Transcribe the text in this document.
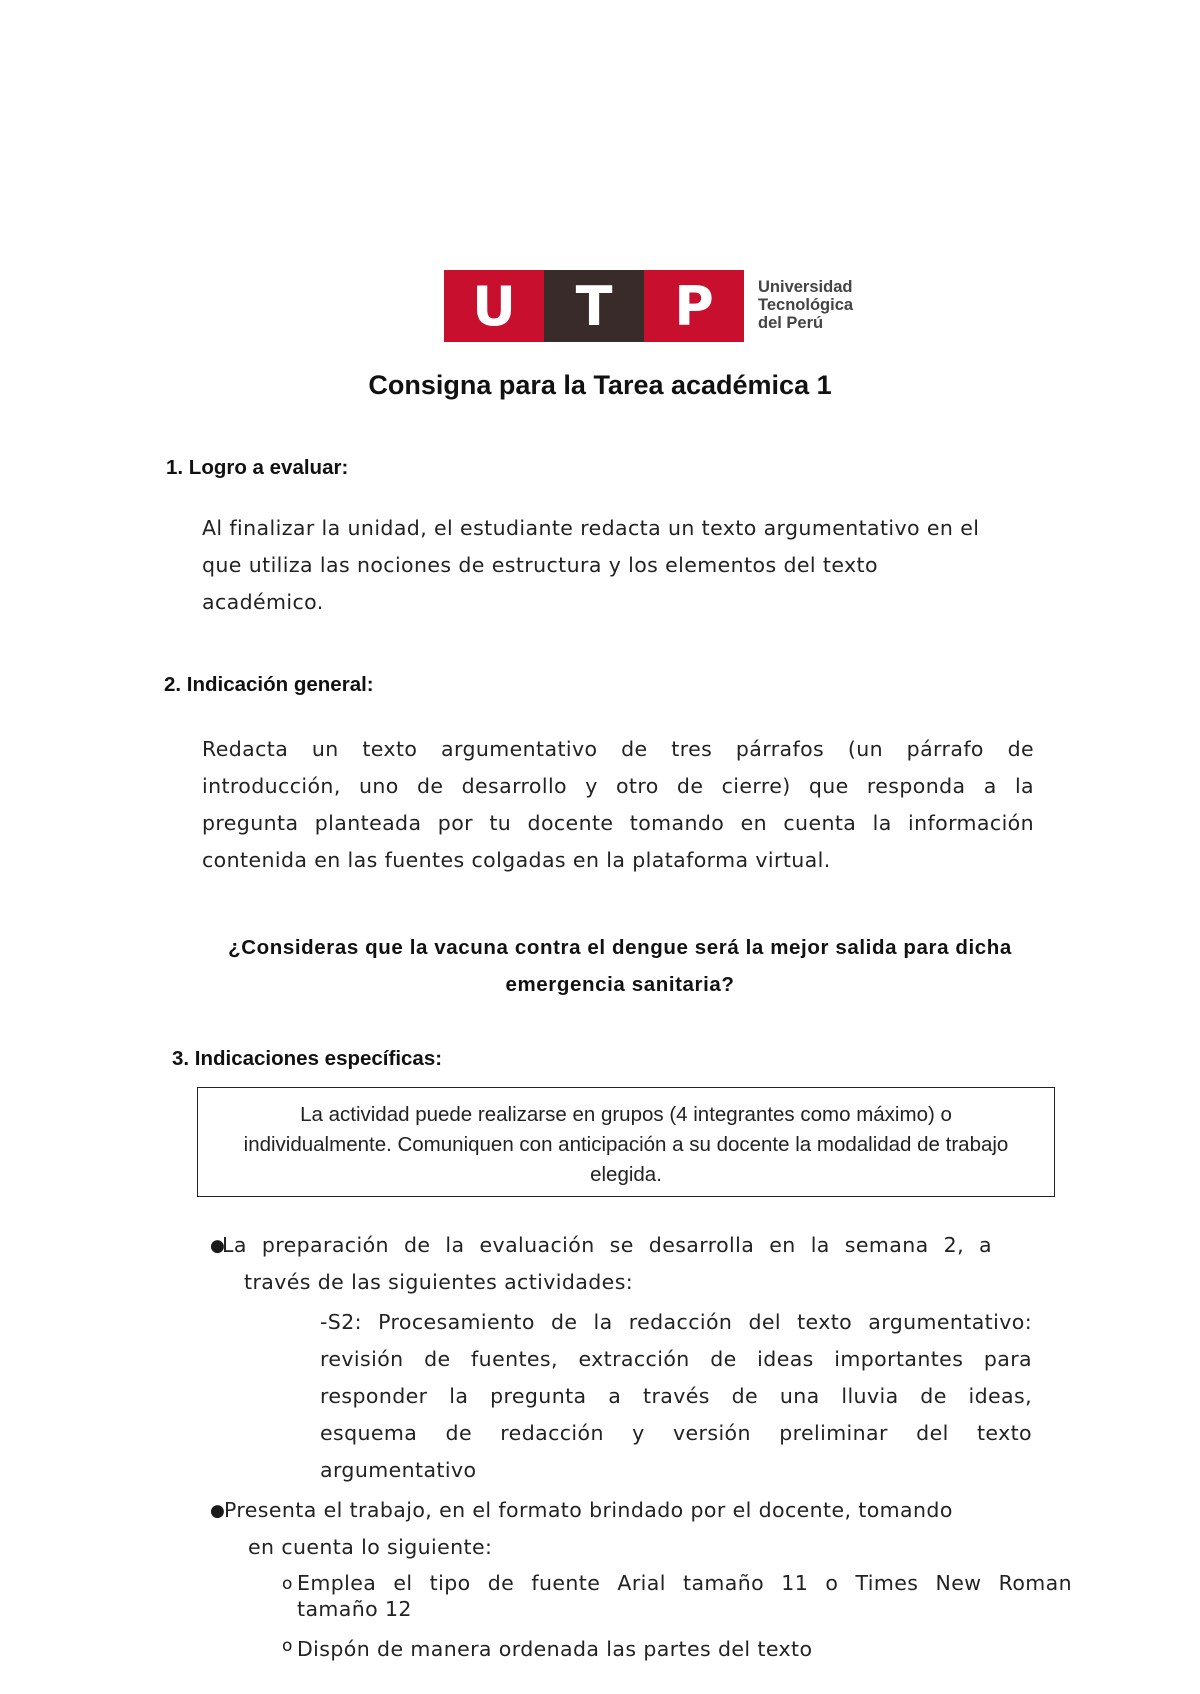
U	T	P	Universidad
Tecnológica
del Perú
Consigna para la Tarea académica 1
1. Logro a evaluar:
Al finalizar la unidad, el estudiante redacta un texto argumentativo en el
que utiliza las nociones de estructura y los elementos del texto
académico.
2. Indicación general:
Redacta un texto argumentativo de tres párrafos (un párrafo de
introducción, uno de desarrollo y otro de cierre) que responda a la
pregunta planteada por tu docente tomando en cuenta la información
contenida en las fuentes colgadas en la plataforma virtual.
¿Consideras que la vacuna contra el dengue será la mejor salida para dicha
emergencia sanitaria?
3. Indicaciones específicas:
La actividad puede realizarse en grupos (4 integrantes como máximo) o
individualmente. Comuniquen con anticipación a su docente la modalidad de trabajo
elegida.
●
La preparación de la evaluación se desarrolla en la semana 2, a
través de las siguientes actividades:
-S2: Procesamiento de la redacción del texto argumentativo:
revisión de fuentes, extracción de ideas importantes para
responder la pregunta a través de una lluvia de ideas,
esquema de redacción y versión preliminar del texto
argumentativo
● Presenta el trabajo, en el formato brindado por el docente, tomando
en cuenta lo siguiente:
o Emplea el tipo de fuente Arial tamaño 11 o Times New Roman
tamaño 12
o Dispón de manera ordenada las partes del texto
